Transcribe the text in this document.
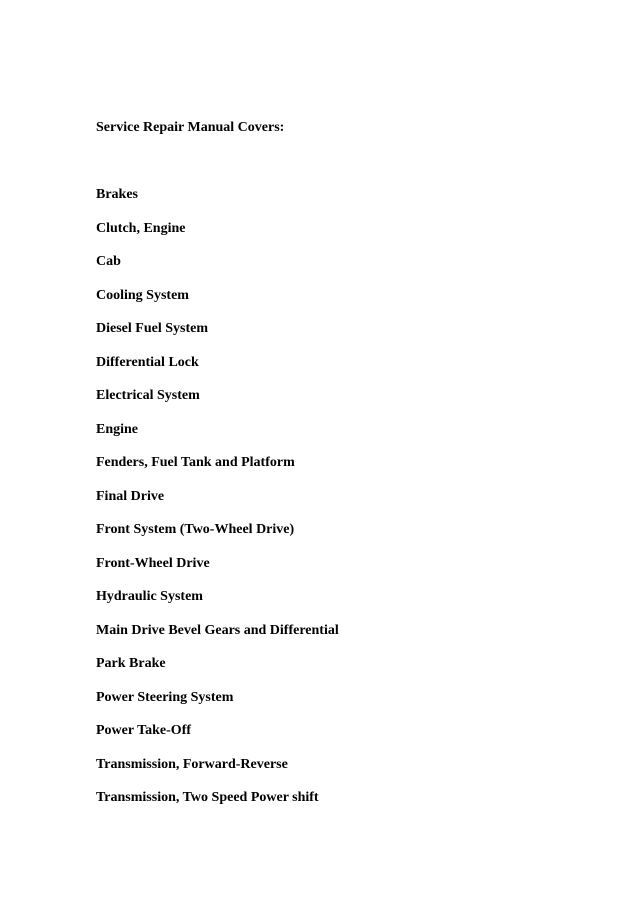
Service Repair Manual Covers:
Brakes
Clutch, Engine
Cab
Cooling System
Diesel Fuel System
Differential Lock
Electrical System
Engine
Fenders, Fuel Tank and Platform
Final Drive
Front System (Two-Wheel Drive)
Front-Wheel Drive
Hydraulic System
Main Drive Bevel Gears and Differential
Park Brake
Power Steering System
Power Take-Off
Transmission, Forward-Reverse
Transmission, Two Speed Power shift
